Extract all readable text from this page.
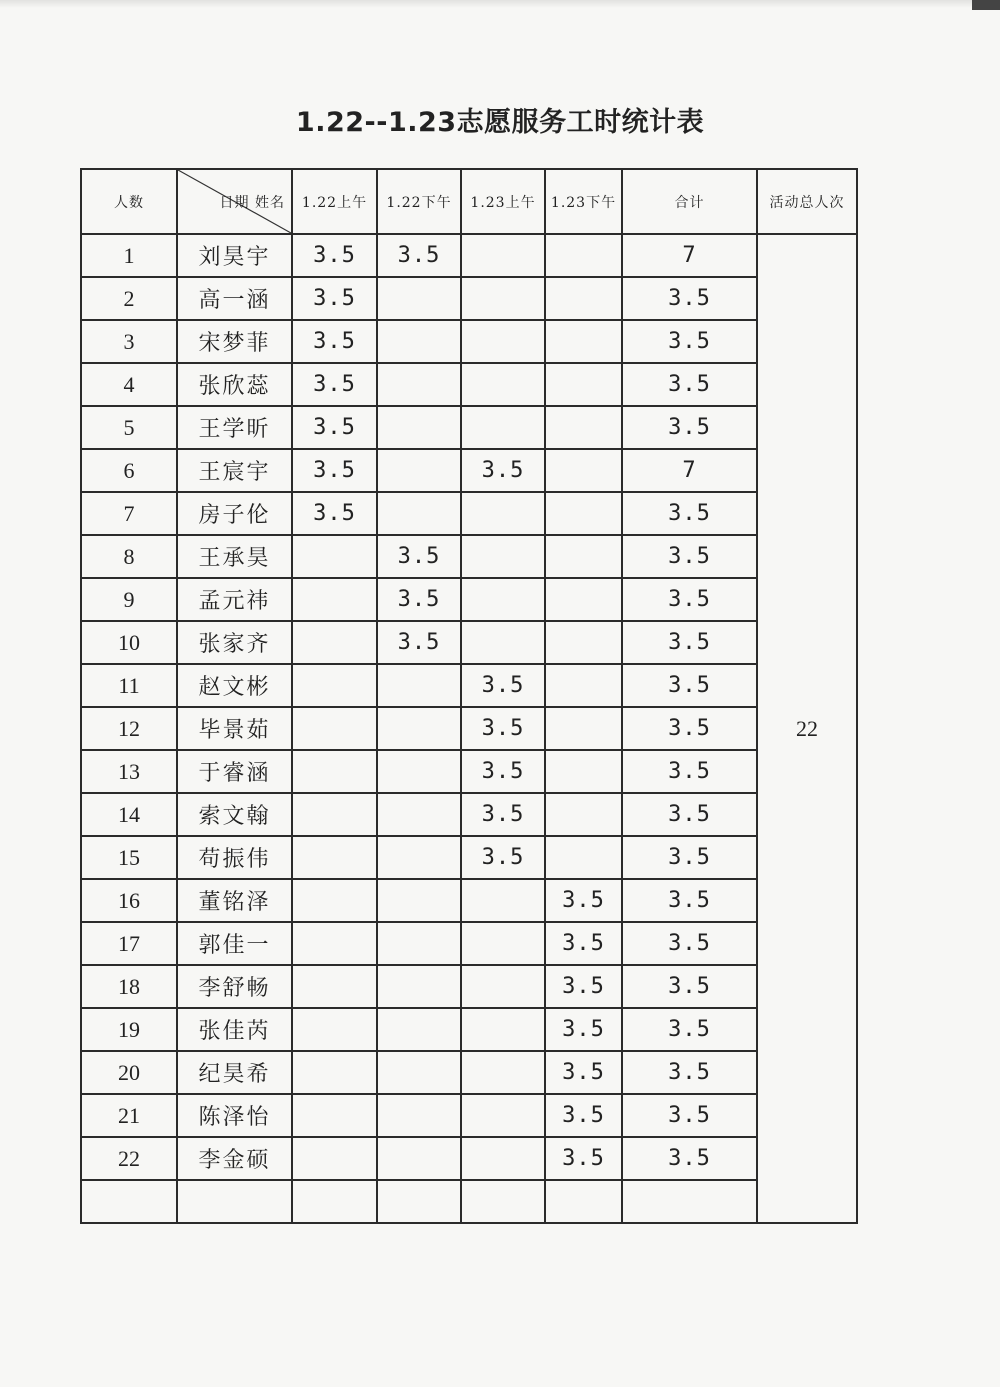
1.22--1.23志愿服务工时统计表
人数	日期 姓名	1.22上午	1.22下午	1.23上午	1.23下午	合计	活动总人次
1	刘昊宇	3.5	3.5			7	22
2	高一涵	3.5				3.5	
3	宋梦菲	3.5				3.5	
4	张欣蕊	3.5				3.5	
5	王学昕	3.5				3.5	
6	王宸宇	3.5		3.5		7	
7	房子伦	3.5				3.5	
8	王承昊		3.5			3.5	
9	孟元祎		3.5			3.5	
10	张家齐		3.5			3.5	
11	赵文彬			3.5		3.5	
12	毕景茹			3.5		3.5	
13	于睿涵			3.5		3.5	
14	索文翰			3.5		3.5	
15	苟振伟			3.5		3.5	
16	董铭泽				3.5	3.5	
17	郭佳一				3.5	3.5	
18	李舒畅				3.5	3.5	
19	张佳芮				3.5	3.5	
20	纪昊希				3.5	3.5	
21	陈泽怡				3.5	3.5	
22	李金硕				3.5	3.5	
